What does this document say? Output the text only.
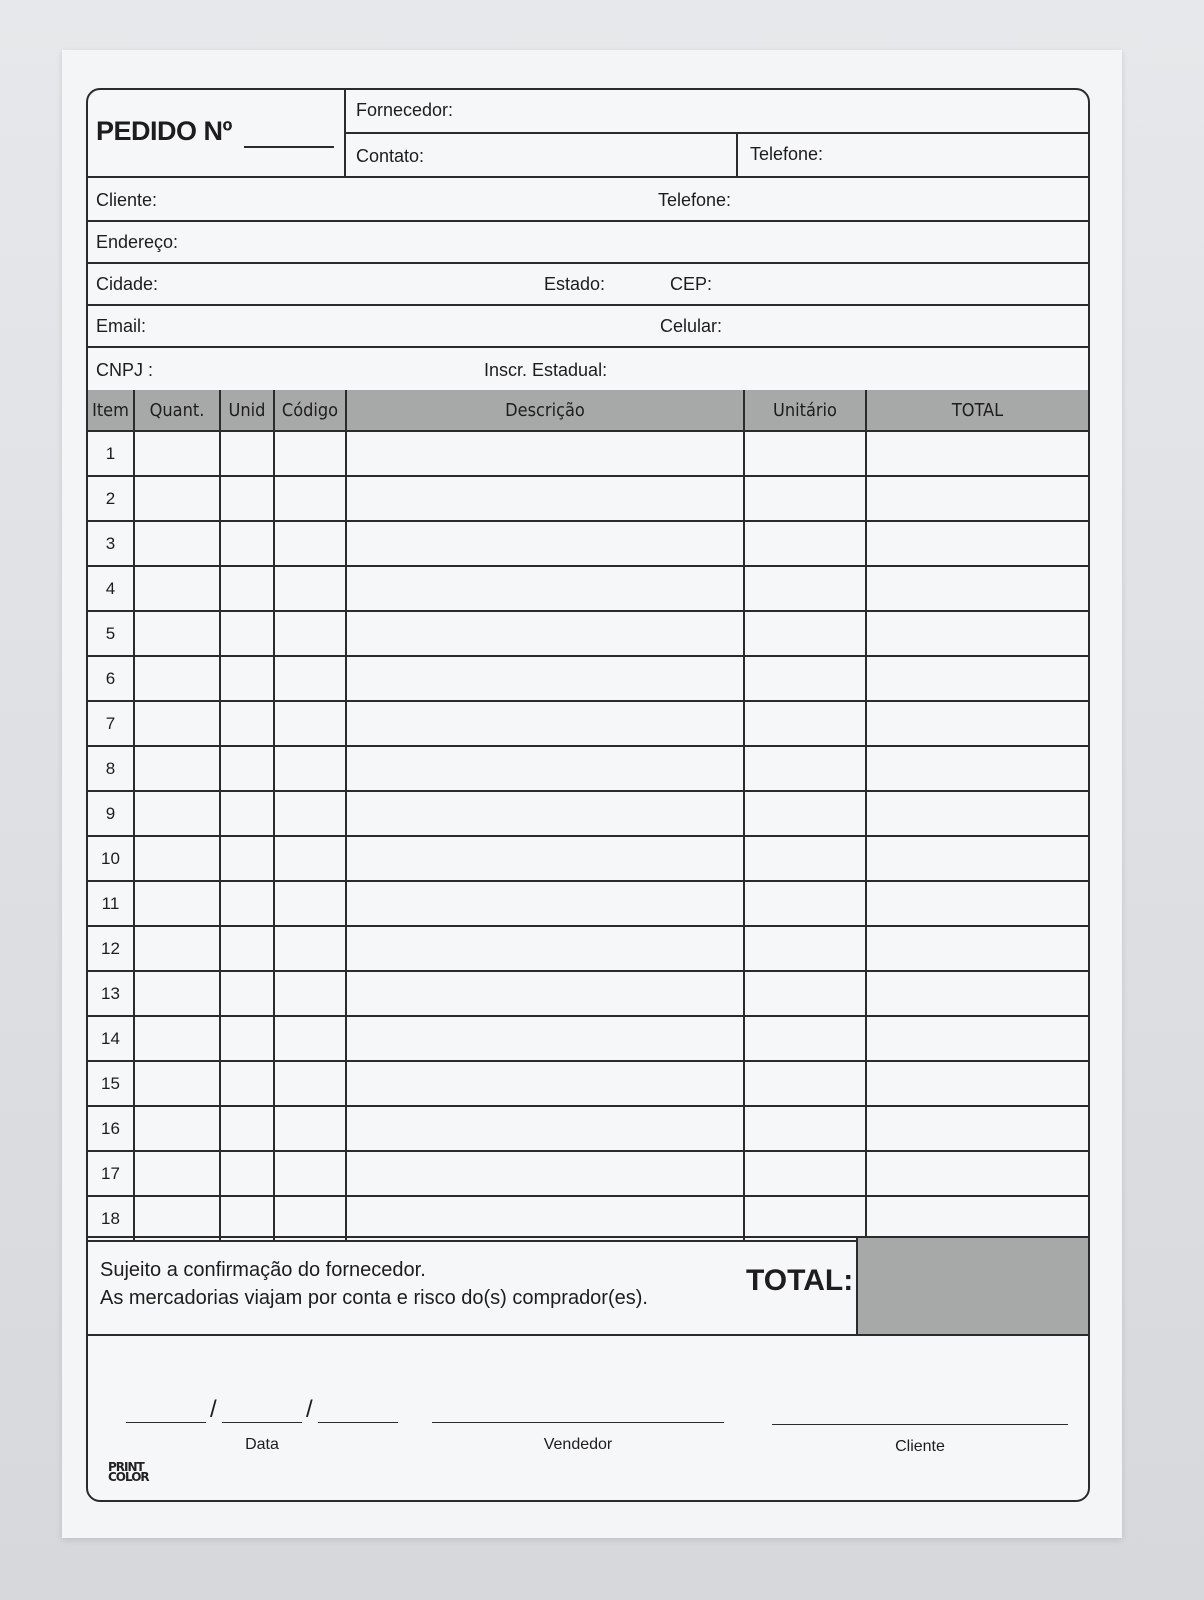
PEDIDO Nº
Fornecedor:
Contato:	Telefone:
Cliente:	Telefone:
Endereço:
Cidade:	Estado:	CEP:
Email:	Celular:
CNPJ :	Inscr. Estadual:
Item	Quant.	Unid	Código	Descrição	Unitário	TOTAL
1						
2						
3						
4						
5						
6						
7						
8						
9						
10						
11						
12						
13						
14						
15						
16						
17						
18						
Sujeito a confirmação do fornecedor.
As mercadorias viajam por conta e risco do(s) comprador(es).
TOTAL:
/	/
Data	Vendedor	Cliente
PRINT
COLOR
